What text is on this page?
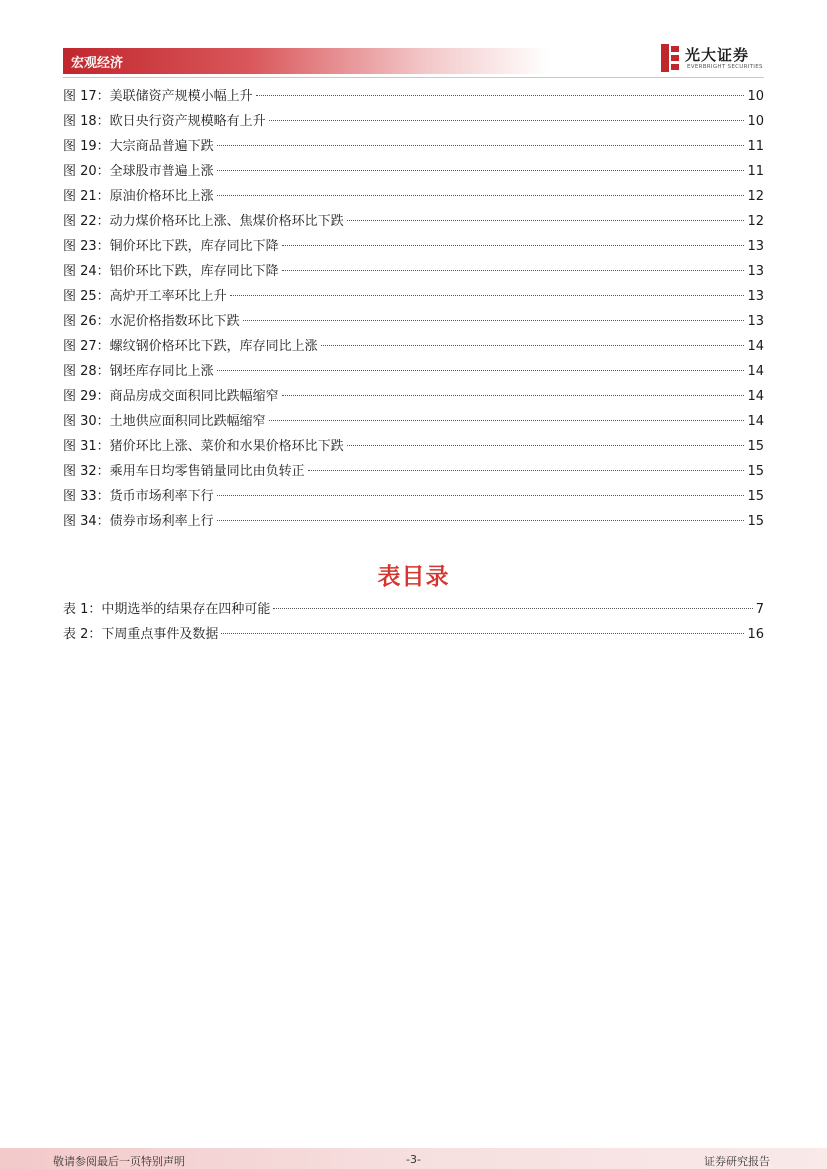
宏观经济	光大证券
EVERBRIGHT SECURITIES
图 17：美联储资产规模小幅上升	10
图 18：欧日央行资产规模略有上升	10
图 19：大宗商品普遍下跌	11
图 20：全球股市普遍上涨	11
图 21：原油价格环比上涨	12
图 22：动力煤价格环比上涨、焦煤价格环比下跌	12
图 23：铜价环比下跌，库存同比下降	13
图 24：铝价环比下跌，库存同比下降	13
图 25：高炉开工率环比上升	13
图 26：水泥价格指数环比下跌	13
图 27：螺纹钢价格环比下跌，库存同比上涨	14
图 28：钢坯库存同比上涨	14
图 29：商品房成交面积同比跌幅缩窄	14
图 30：土地供应面积同比跌幅缩窄	14
图 31：猪价环比上涨、菜价和水果价格环比下跌	15
图 32：乘用车日均零售销量同比由负转正	15
图 33：货币市场利率下行	15
图 34：债券市场利率上行	15
表目录
表 1：中期选举的结果存在四种可能	7
表 2：下周重点事件及数据	16
敬请参阅最后一页特别声明	-3-	证券研究报告
